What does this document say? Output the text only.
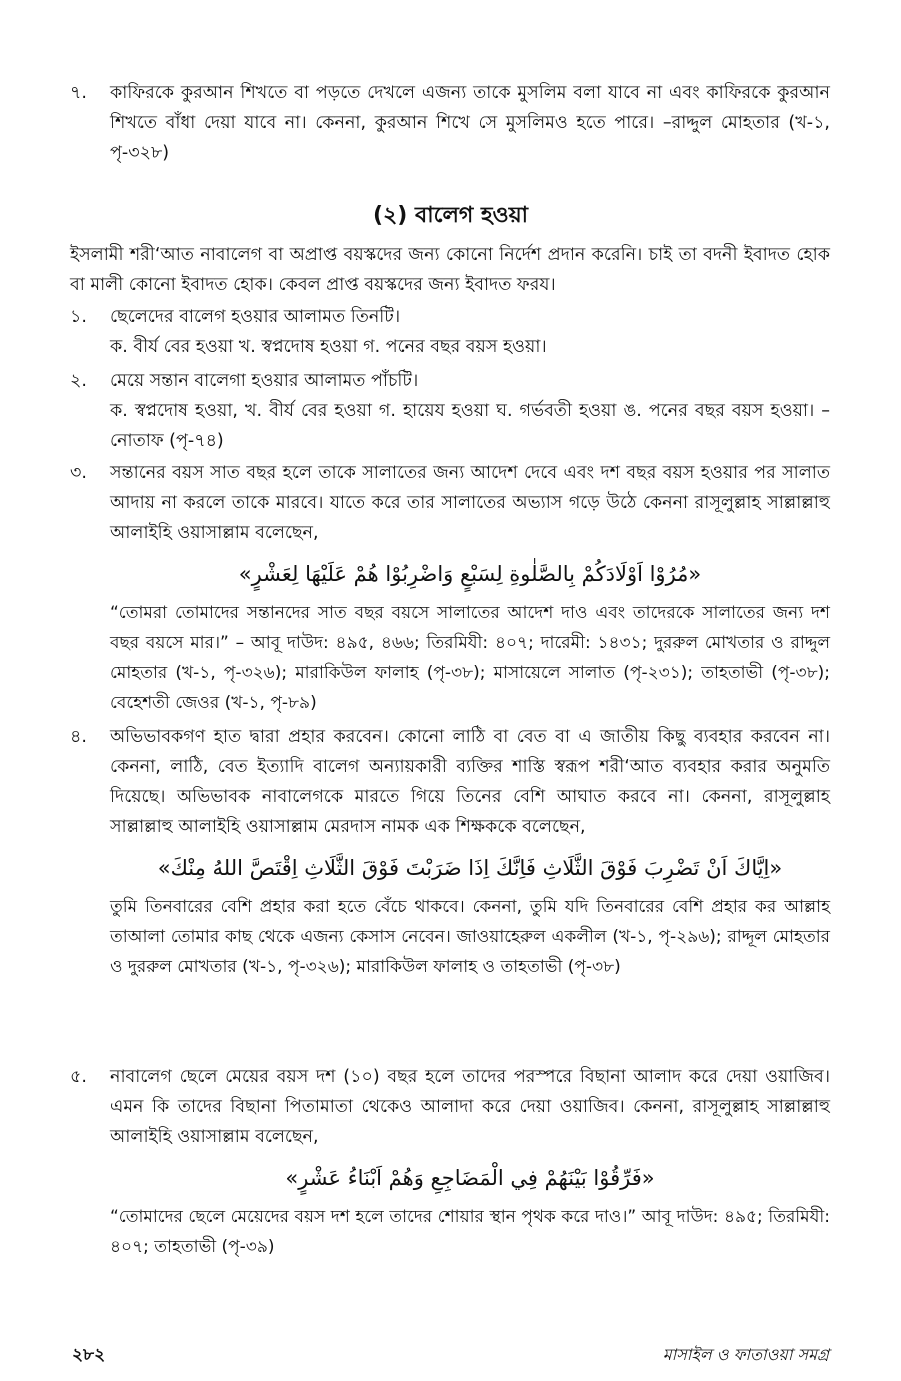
৭.	কাফিরকে কুরআন শিখতে বা পড়তে দেখলে এজন্য তাকে মুসলিম বলা যাবে না এবং কাফিরকে কুরআন শিখতে বাঁধা দেয়া যাবে না। কেননা, কুরআন শিখে সে মুসলিমও হতে পারে। –রাদ্দুল মোহতার (খ-১, পৃ-৩২৮)

(২) বালেগ হওয়া

ইসলামী শরী‘আত নাবালেগ বা অপ্রাপ্ত বয়স্কদের জন্য কোনো নির্দেশ প্রদান করেনি। চাই তা বদনী ইবাদত হোক বা মালী কোনো ইবাদত হোক। কেবল প্রাপ্ত বয়স্কদের জন্য ইবাদত ফরয।

১.	ছেলেদের বালেগ হওয়ার আলামত তিনটি।

ক. বীর্য বের হওয়া খ. স্বপ্নদোষ হওয়া গ. পনের বছর বয়স হওয়া।

২.	মেয়ে সন্তান বালেগা হওয়ার আলামত পাঁচটি।

ক. স্বপ্নদোষ হওয়া, খ. বীর্য বের হওয়া গ. হায়েয হওয়া ঘ. গর্ভবতী হওয়া ঙ. পনের বছর বয়স হওয়া। –নোতাফ (পৃ-৭৪)

৩.	সন্তানের বয়স সাত বছর হলে তাকে সালাতের জন্য আদেশ দেবে এবং দশ বছর বয়স হওয়ার পর সালাত আদায় না করলে তাকে মারবে। যাতে করে তার সালাতের অভ্যাস গড়ে উঠে কেননা রাসূলুল্লাহ সাল্লাল্লাহু আলাইহি ওয়াসাল্লাম বলেছেন,

«مُرُوْا اَوْلَادَكُمْ بِالصَّلٰوةِ لِسَبْعٍ وَاضْرِبُوْا هُمْ عَلَيْهَا لِعَشْرٍ»

“তোমরা তোমাদের সন্তানদের সাত বছর বয়সে সালাতের আদেশ দাও এবং তাদেরকে সালাতের জন্য দশ বছর বয়সে মার।” – আবূ দাউদ: ৪৯৫, ৪৬৬; তিরমিযী: ৪০৭; দারেমী: ১৪৩১; দুররুল মোখতার ও রাদ্দুল মোহতার (খ-১, পৃ-৩২৬); মারাকিউল ফালাহ (পৃ-৩৮); মাসায়েলে সালাত (পৃ-২৩১); তাহতাভী (পৃ-৩৮); বেহেশতী জেওর (খ-১, পৃ-৮৯)

৪.	অভিভাবকগণ হাত দ্বারা প্রহার করবেন। কোনো লাঠি বা বেত বা এ জাতীয় কিছু ব্যবহার করবেন না। কেননা, লাঠি, বেত ইত্যাদি বালেগ অন্যায়কারী ব্যক্তির শাস্তি স্বরূপ শরী‘আত ব্যবহার করার অনুমতি দিয়েছে। অভিভাবক নাবালেগকে মারতে গিয়ে তিনের বেশি আঘাত করবে না। কেননা, রাসূলুল্লাহ সাল্লাল্লাহু আলাইহি ওয়াসাল্লাম মেরদাস নামক এক শিক্ষককে বলেছেন,

«اِيَّاكَ اَنْ تَضْرِبَ فَوْقَ الثَّلَاثِ فَاِنَّكَ اِذَا ضَرَبْتَ فَوْقَ الثَّلَاثِ اِقْتَصَّ اللهُ مِنْكَ»

তুমি তিনবারের বেশি প্রহার করা হতে বেঁচে থাকবে। কেননা, তুমি যদি তিনবারের বেশি প্রহার কর আল্লাহ তাআলা তোমার কাছ থেকে এজন্য কেসাস নেবেন। জাওয়াহেরুল একলীল (খ-১, পৃ-২৯৬); রাদ্দূল মোহতার ও দুররুল মোখতার (খ-১, পৃ-৩২৬); মারাকিউল ফালাহ ও তাহতাভী (পৃ-৩৮)

৫.	নাবালেগ ছেলে মেয়ের বয়স দশ (১০) বছর হলে তাদের পরস্পরে বিছানা আলাদ করে দেয়া ওয়াজিব। এমন কি তাদের বিছানা পিতামাতা থেকেও আলাদা করে দেয়া ওয়াজিব। কেননা, রাসূলুল্লাহ সাল্লাল্লাহু আলাইহি ওয়াসাল্লাম বলেছেন,

«فَرِّقُوْا بَيْنَهُمْ فِي الْمَضَاجِعِ وَهُمْ اَبْنَاءُ عَشْرٍ»

“তোমাদের ছেলে মেয়েদের বয়স দশ হলে তাদের শোয়ার স্থান পৃথক করে দাও।” আবূ দাউদ: ৪৯৫; তিরমিযী: ৪০৭; তাহতাভী (পৃ-৩৯)

২৮২	মাসাইল ও ফাতাওয়া সমগ্র
